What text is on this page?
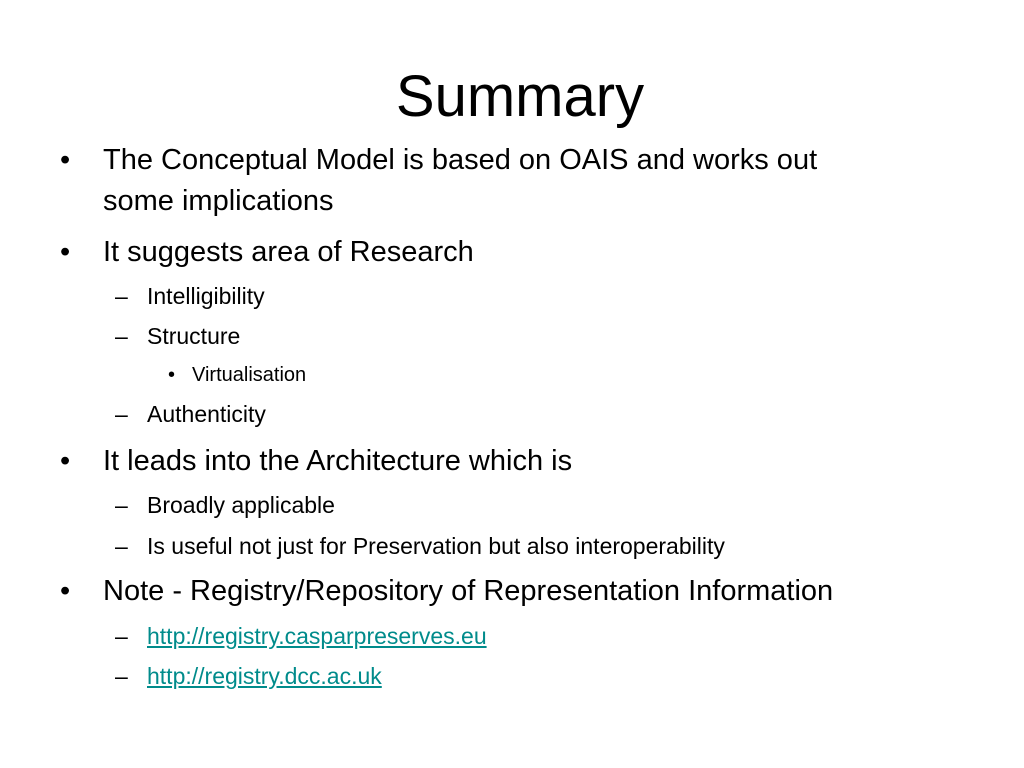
Summary
• The Conceptual Model is based on OAIS and works out
some implications
• It suggests area of Research
– Intelligibility
– Structure
• Virtualisation
– Authenticity
• It leads into the Architecture which is
– Broadly applicable
– Is useful not just for Preservation but also interoperability
• Note - Registry/Repository of Representation Information
– http://registry.casparpreserves.eu
– http://registry.dcc.ac.uk
